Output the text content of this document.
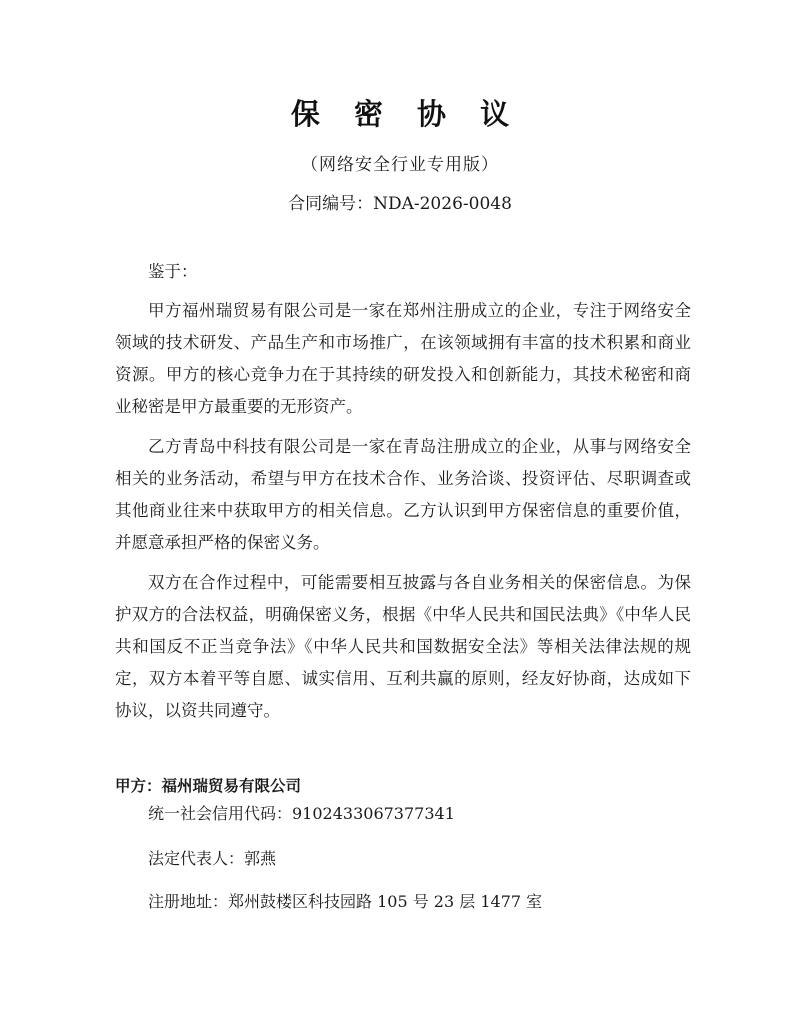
保 密 协 议
（网络安全行业专用版）
合同编号：NDA-2026-0048
鉴于：

甲方福州瑞贸易有限公司是一家在郑州注册成立的企业，专注于网络安全领域的技术研发、产品生产和市场推广，在该领域拥有丰富的技术积累和商业资源。甲方的核心竞争力在于其持续的研发投入和创新能力，其技术秘密和商业秘密是甲方最重要的无形资产。

乙方青岛中科技有限公司是一家在青岛注册成立的企业，从事与网络安全相关的业务活动，希望与甲方在技术合作、业务洽谈、投资评估、尽职调查或其他商业往来中获取甲方的相关信息。乙方认识到甲方保密信息的重要价值，并愿意承担严格的保密义务。

双方在合作过程中，可能需要相互披露与各自业务相关的保密信息。为保护双方的合法权益，明确保密义务，根据《中华人民共和国民法典》《中华人民共和国反不正当竞争法》《中华人民共和国数据安全法》等相关法律法规的规定，双方本着平等自愿、诚实信用、互利共赢的原则，经友好协商，达成如下协议，以资共同遵守。

甲方：福州瑞贸易有限公司
统一社会信用代码：9102433067377341
法定代表人：郭燕
注册地址：郑州鼓楼区科技园路 105 号 23 层 1477 室
